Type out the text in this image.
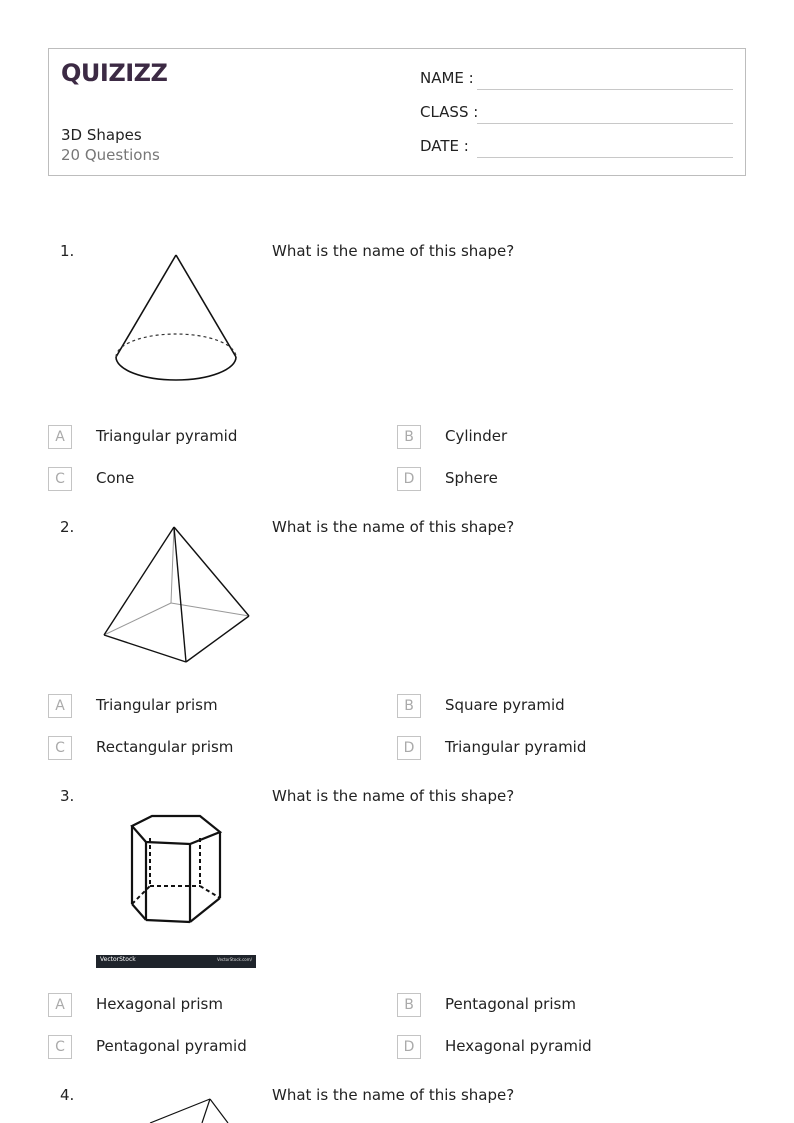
QUIZIZZ
3D Shapes
20 Questions
NAME :
CLASS :
DATE :
1.	What is the name of this shape?
A	Triangular pyramid	B	Cylinder
C	Cone	D	Sphere
2.	What is the name of this shape?
A	Triangular prism	B	Square pyramid
C	Rectangular prism	D	Triangular pyramid
3.	What is the name of this shape?
VectorStock	VectorStock.com/
A	Hexagonal prism	B	Pentagonal prism
C	Pentagonal pyramid	D	Hexagonal pyramid
4.	What is the name of this shape?
